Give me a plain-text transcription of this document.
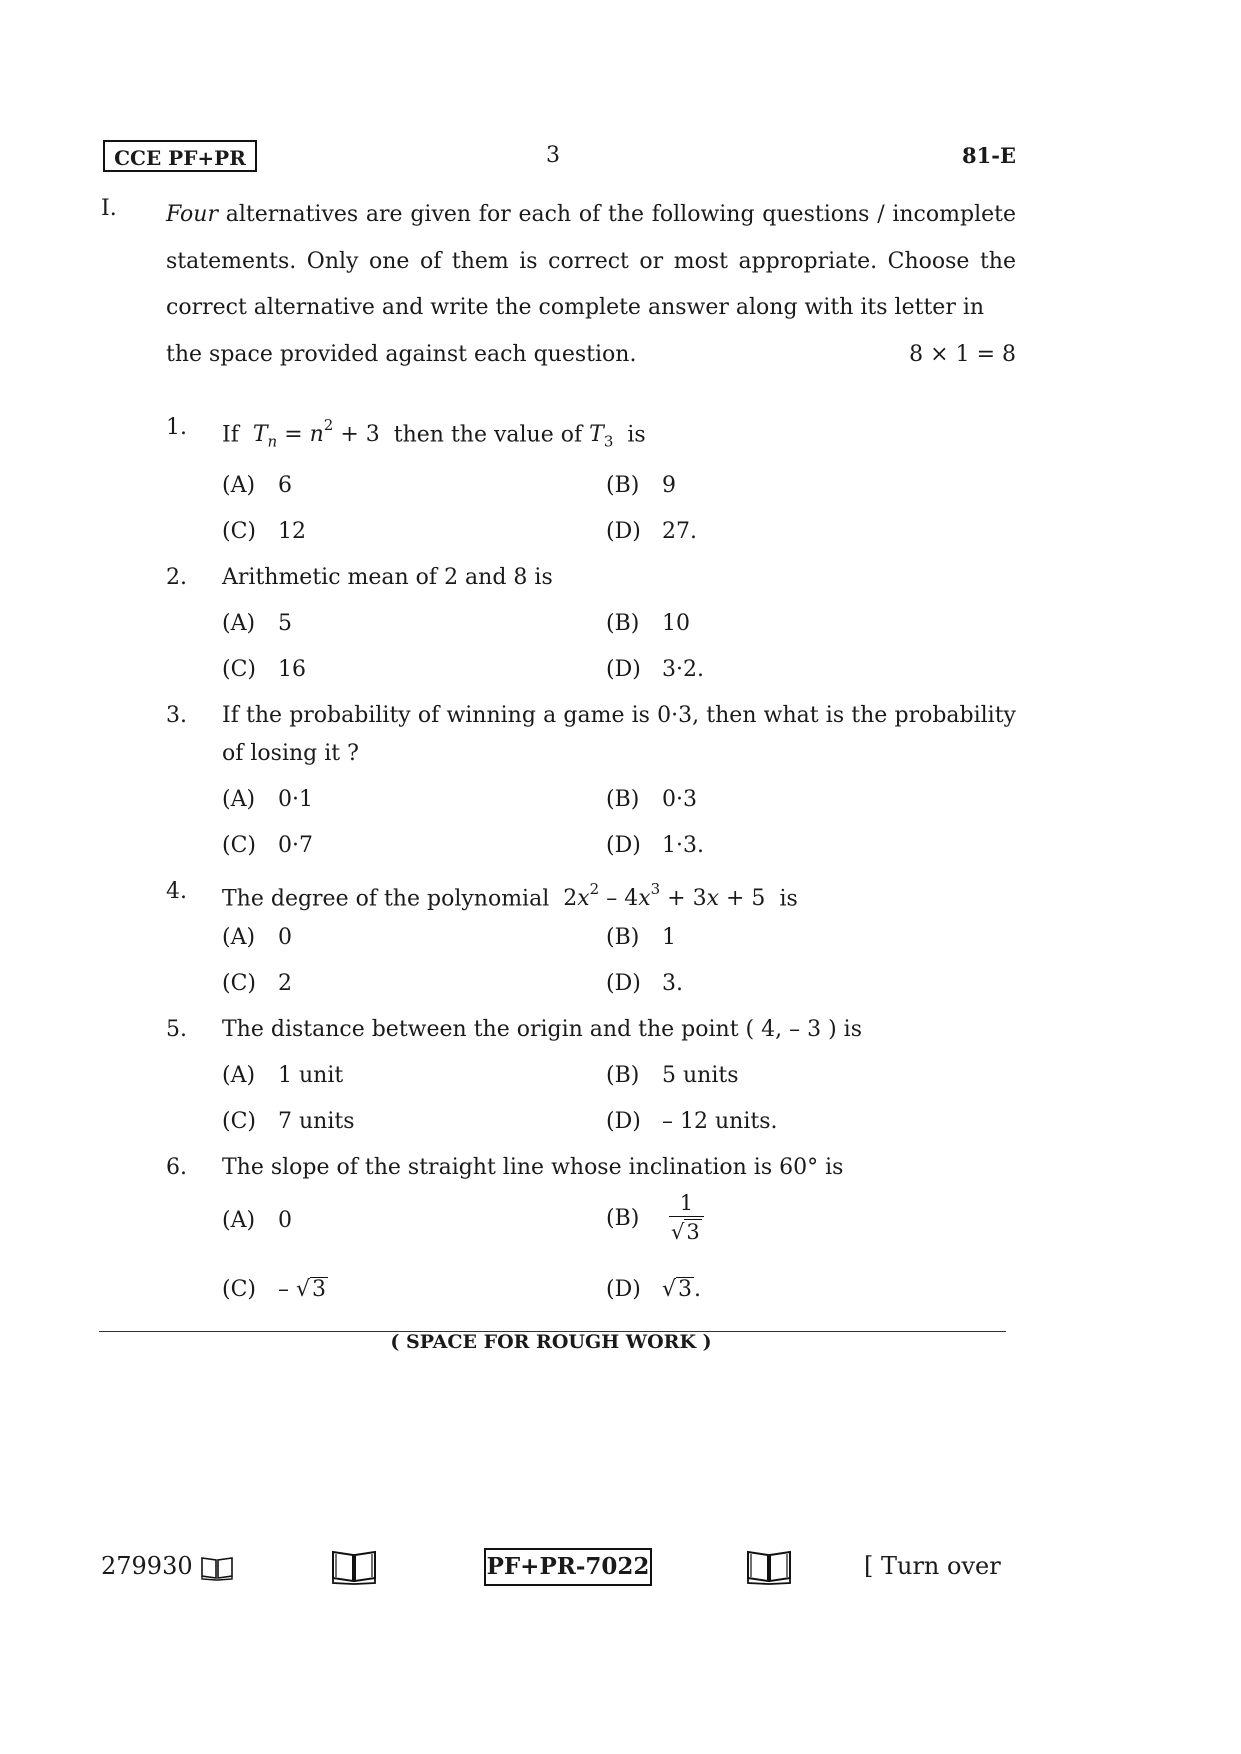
CCE PF+PR	3	81-E
I. Four alternatives are given for each of the following questions / incomplete statements. Only one of them is correct or most appropriate. Choose the correct alternative and write the complete answer along with its letter in
the space provided against each question.	8 × 1 = 8
1. If $T_n = n^2 + 3$ then the value of $T_3$ is
(A) 6	(B) 9
(C) 12	(D) 27.
2. Arithmetic mean of 2 and 8 is
(A) 5	(B) 10
(C) 16	(D) 3·2.
3. If the probability of winning a game is 0·3, then what is the probability of losing it ?
(A) 0·1	(B) 0·3
(C) 0·7	(D) 1·3.
4. The degree of the polynomial $2x^2 - 4x^3 + 3x + 5$ is
(A) 0	(B) 1
(C) 2	(D) 3.
5. The distance between the origin and the point ( 4, – 3 ) is
(A) 1 unit	(B) 5 units
(C) 7 units	(D) – 12 units.
6. The slope of the straight line whose inclination is 60° is
(A) 0	$(B) \frac{1}{√3}$
(C) – √3	(D) √3.
( SPACE FOR ROUGH WORK )
279930	PF+PR-7022	[ Turn over
